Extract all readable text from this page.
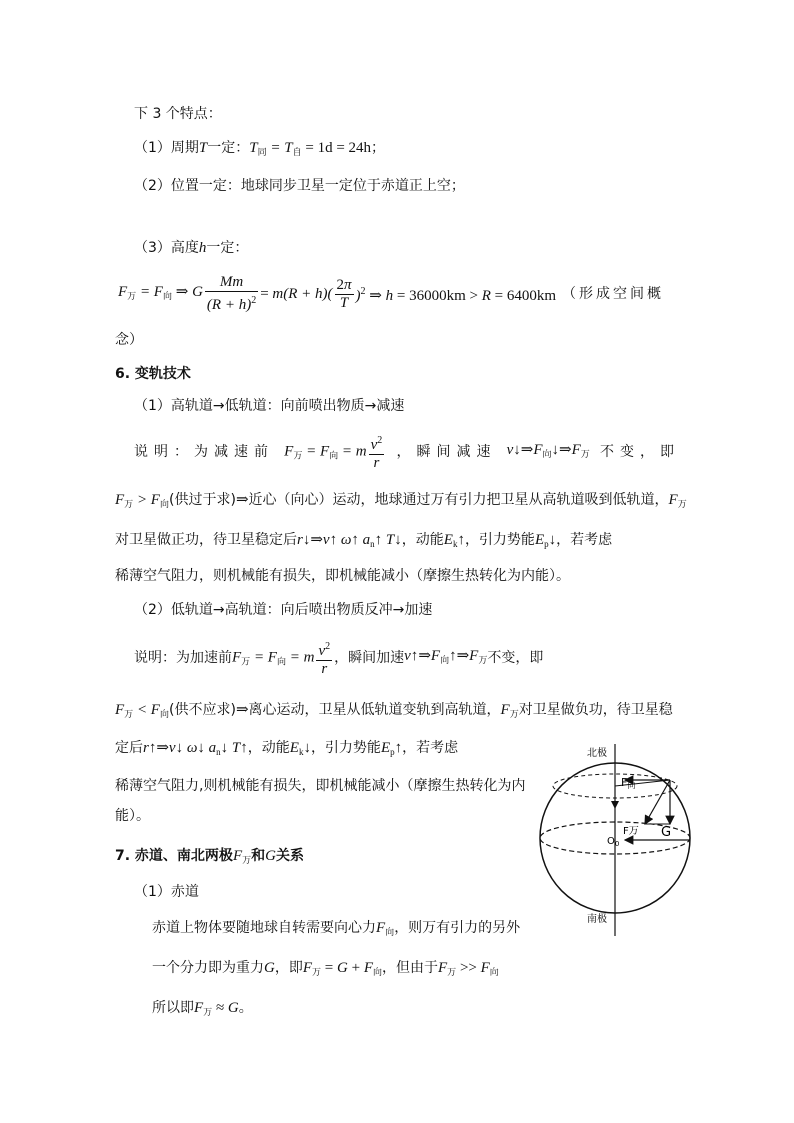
下 3 个特点：
（1）周期T一定：$T_同 = T_自 = 1d = 24h$；
（2）位置一定：地球同步卫星一定位于赤道正上空；
（3）高度h一定：
$F_万 = F_向$ ⇒ G $\frac{Mm}{(R + h)^2} = m(R + h)( \frac{2\pi}{T} )^2$ ⇒ h = 36000km > R = 6400km （形成空间概
念）
6. 变轨技术
（1）高轨道→低轨道：向前喷出物质→减速
说明：为减速前 $F_万 = F_向 = m \frac{v^2}{r}$ ，瞬间减速 $v↓\Rightarrow F_向↓\Rightarrow F_万$ 不变，即
$F_万 > F_向$(供过于求)⇒近心（向心）运动，地球通过万有引力把卫星从高轨道吸到低轨道，$F_万$
对卫星做正功，待卫星稳定后r↓⇒v↑ ω↑ $a_n↑$ T↓，动能$E_k↑$，引力势能$E_p↓$，若考虑
稀薄空气阻力，则机械能有损失，即机械能减小（摩擦生热转化为内能）。
（2）低轨道→高轨道：向后喷出物质反冲→加速
说明：为加速前 $F_万 = F_向 = m \frac{v^2}{r}$ ，瞬间加速 $v↑\Rightarrow F_向↑\Rightarrow F_万$ 不变，即
$F_万 < F_向$(供不应求)⇒离心运动，卫星从低轨道变轨到高轨道，$F_万$对卫星做负功，待卫星稳
定后r↑⇒v↓ ω↓ $a_n↓$ T↑，动能$E_k↓$，引力势能$E_p↑$，若考虑
稀薄空气阻力,则机械能有损失，即机械能减小（摩擦生热转化为内
能）。
7. 赤道、南北两极$F_万$和G关系
（1）赤道
赤道上物体要随地球自转需要向心力$F_向$，则万有引力的另外
一个分力即为重力G，即$F_万 = G + F_向$，但由于$F_万 >> F_向$
所以即$F_万 \approx G$。
北极
南极
F向
F万 G
$O_0$
